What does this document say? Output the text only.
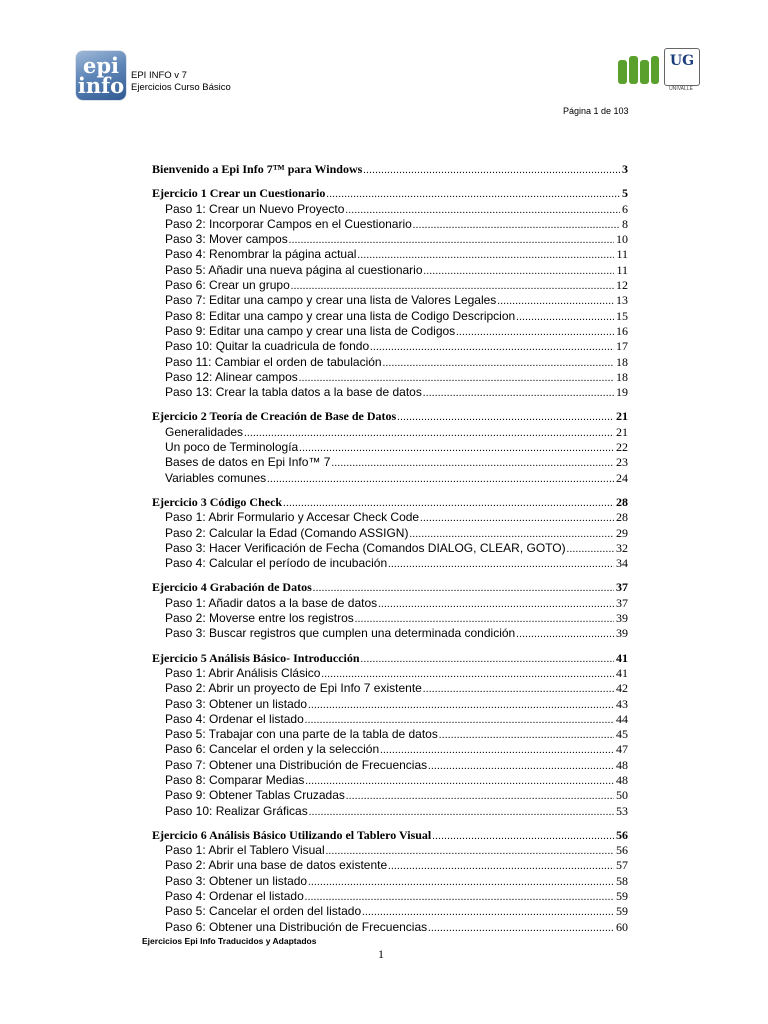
epi
info EPI INFO v 7
Ejercicios Curso Básico
UG
UNIVALLE
Página 1 de 103
Bienvenido a Epi Info 7™ para Windows .....	3
Ejercicio 1 Crear un Cuestionario .....	5
Paso 1: Crear un Nuevo Proyecto .....	6
Paso 2: Incorporar Campos en el Cuestionario .....	8
Paso 3: Mover campos .....	10
Paso 4: Renombrar la página actual .....	11
Paso 5: Añadir una nueva página al cuestionario .....	11
Paso 6: Crear un grupo .....	12
Paso 7: Editar una campo y crear una lista de Valores Legales .....	13
Paso 8: Editar una campo y crear una lista de Codigo Descripcion .....	15
Paso 9: Editar una campo y crear una lista de Codigos .....	16
Paso 10: Quitar la cuadricula de fondo .....	17
Paso 11: Cambiar el orden de tabulación .....	18
Paso 12: Alinear campos .....	18
Paso 13: Crear la tabla datos a la base de datos .....	19
Ejercicio 2 Teoría de Creación de Base de Datos .....	21
Generalidades .....	21
Un poco de Terminología .....	22
Bases de datos en Epi Info™ 7 .....	23
Variables comunes .....	24
Ejercicio 3 Código Check .....	28
Paso 1: Abrir Formulario y Accesar Check Code .....	28
Paso 2: Calcular la Edad (Comando ASSIGN) .....	29
Paso 3: Hacer Verificación de Fecha (Comandos DIALOG, CLEAR, GOTO) .....	32
Paso 4: Calcular el período de incubación .....	34
Ejercicio 4 Grabación de Datos .....	37
Paso 1: Añadir datos a la base de datos .....	37
Paso 2: Moverse entre los registros .....	39
Paso 3: Buscar registros que cumplen una determinada condición .....	39
Ejercicio 5 Análisis Básico- Introducción .....	41
Paso 1: Abrir Análisis Clásico .....	41
Paso 2: Abrir un proyecto de Epi Info 7 existente .....	42
Paso 3: Obtener un listado .....	43
Paso 4: Ordenar el listado .....	44
Paso 5: Trabajar con una parte de la tabla de datos .....	45
Paso 6: Cancelar el orden y la selección .....	47
Paso 7: Obtener una Distribución de Frecuencias .....	48
Paso 8: Comparar Medias .....	48
Paso 9: Obtener Tablas Cruzadas .....	50
Paso 10: Realizar Gráficas .....	53
Ejercicio 6 Análisis Básico Utilizando el Tablero Visual .....	56
Paso 1: Abrir el Tablero Visual .....	56
Paso 2: Abrir una base de datos existente .....	57
Paso 3: Obtener un listado .....	58
Paso 4: Ordenar el listado .....	59
Paso 5: Cancelar el orden del listado .....	59
Paso 6: Obtener una Distribución de Frecuencias .....	60
Ejercicios Epi Info Traducidos y Adaptados
1
